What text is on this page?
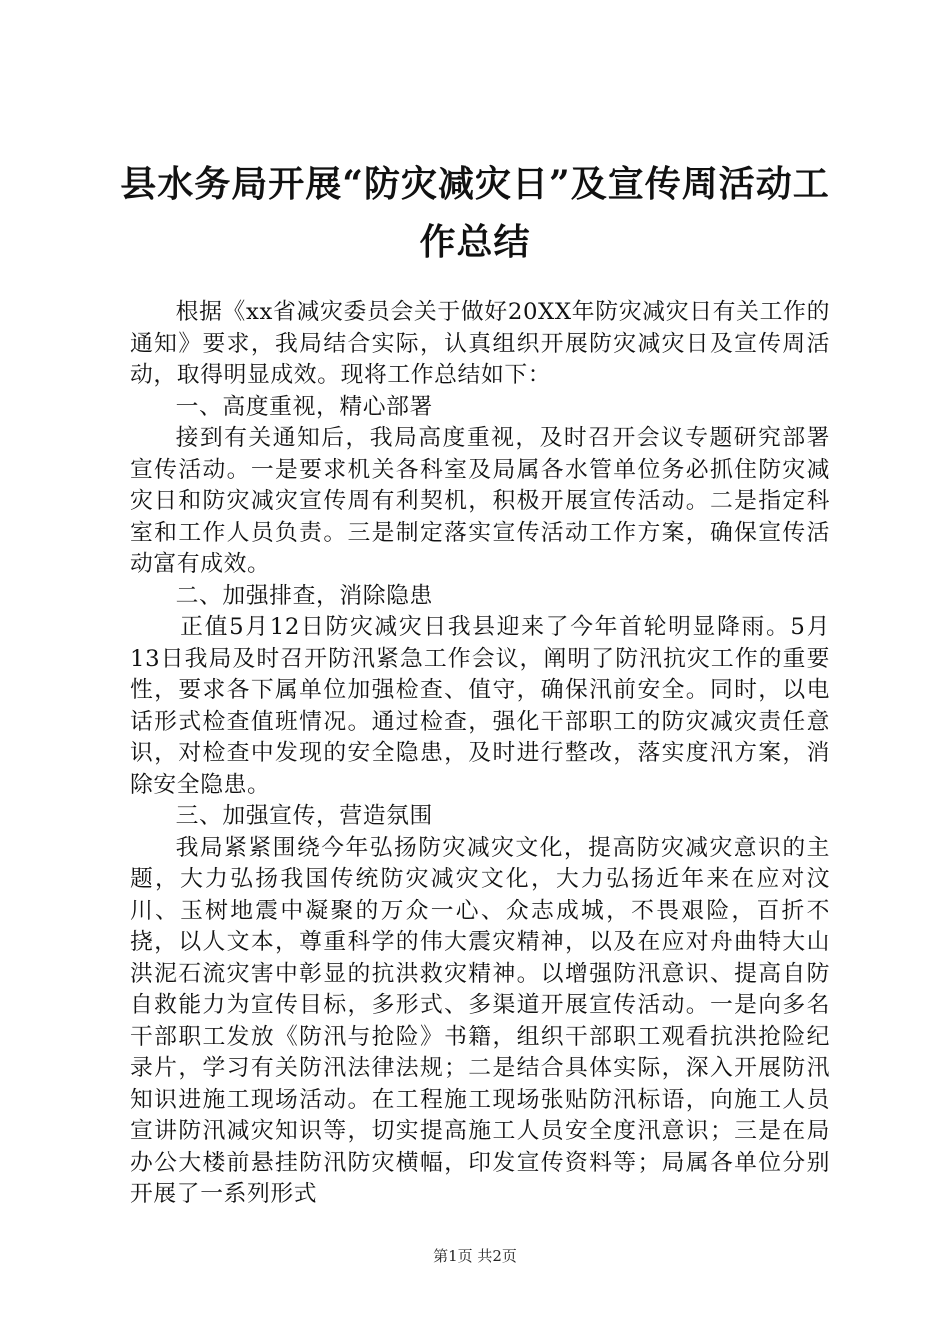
县水务局开展“防灾减灾日”及宣传周活动工
作总结

根据《xx省减灾委员会关于做好20XX年防灾减灾日有关工作的通知》要求，我局结合实际，认真组织开展防灾减灾日及宣传周活动，取得明显成效。现将工作总结如下：

一、高度重视，精心部署

接到有关通知后，我局高度重视，及时召开会议专题研究部署宣传活动。一是要求机关各科室及局属各水管单位务必抓住防灾减灾日和防灾减灾宣传周有利契机，积极开展宣传活动。二是指定科室和工作人员负责。三是制定落实宣传活动工作方案，确保宣传活动富有成效。

二、加强排查，消除隐患

正值5月12日防灾减灾日我县迎来了今年首轮明显降雨。5月13日我局及时召开防汛紧急工作会议，阐明了防汛抗灾工作的重要性，要求各下属单位加强检查、值守，确保汛前安全。同时，以电话形式检查值班情况。通过检查，强化干部职工的防灾减灾责任意识，对检查中发现的安全隐患，及时进行整改，落实度汛方案，消除安全隐患。

三、加强宣传，营造氛围

我局紧紧围绕今年弘扬防灾减灾文化，提高防灾减灾意识的主题，大力弘扬我国传统防灾减灾文化，大力弘扬近年来在应对汶川、玉树地震中凝聚的万众一心、众志成城，不畏艰险，百折不挠，以人文本，尊重科学的伟大震灾精神，以及在应对舟曲特大山洪泥石流灾害中彰显的抗洪救灾精神。以增强防汛意识、提高自防自救能力为宣传目标，多形式、多渠道开展宣传活动。一是向多名干部职工发放《防汛与抢险》书籍，组织干部职工观看抗洪抢险纪录片，学习有关防汛法律法规；二是结合具体实际，深入开展防汛知识进施工现场活动。在工程施工现场张贴防汛标语，向施工人员宣讲防汛减灾知识等，切实提高施工人员安全度汛意识；三是在局办公大楼前悬挂防汛防灾横幅，印发宣传资料等；局属各单位分别开展了一系列形式

第1页 共2页
